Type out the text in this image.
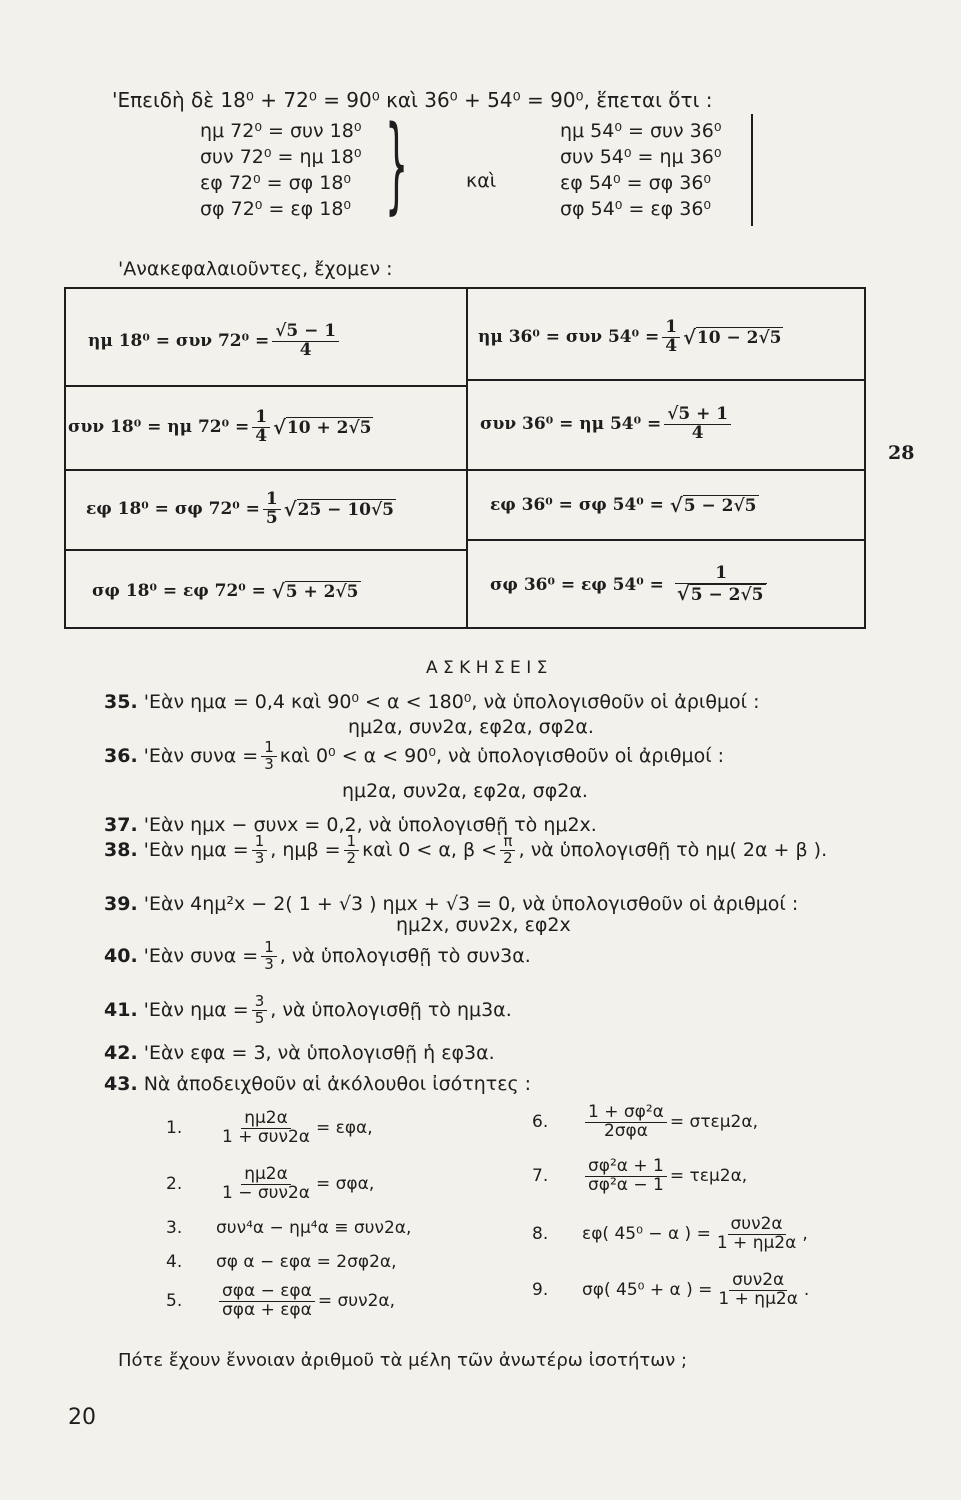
'Επειδὴ δὲ 18⁰ + 72⁰ = 90⁰ καὶ 36⁰ + 54⁰ = 90⁰, ἕπεται ὅτι :
ημ 72⁰ = συν 18⁰
συν 72⁰ = ημ 18⁰
εφ 72⁰ = σφ 18⁰
σφ 72⁰ = εφ 18⁰ }	καὶ
ημ 54⁰ = συν 36⁰
συν 54⁰ = ημ 36⁰
εφ 54⁰ = σφ 36⁰
σφ 54⁰ = εφ 36⁰
'Ανακεφαλαιοῦντες, ἔχομεν :
ημ 18⁰ = συν $72^0 = \frac{√5 - 1}{4}$	ημ 36⁰ = συν $54^0 = \frac{1}{4}$ √ 10 − 2√5
συν 18⁰ = ημ $72^0 = \frac{1}{4}$ √ 10 + 2√5	συν 36⁰ = ημ $54^0 = \frac{√5 + 1}{4}$
εφ 18⁰ = σφ $72^0 = \frac{1}{5}$ √ 25 − 10√5	εφ 36⁰ = σφ 54⁰ = √ 5 − 2√5
σφ 18⁰ = εφ 72⁰ = √ 5 + 2√5	σφ 36⁰ = εφ $54^0 = \frac{1}{√5 - 2√5}$
28
Α Σ Κ Η Σ Ε Ι Σ
35. 'Εὰν ημα = 0,4 καὶ 90⁰ < α < 180⁰, νὰ ὑπολογισθοῦν οἱ ἀριθμοί :
ημ2α, συν2α, εφ2α, σφ2α.
36. 'Εὰν $\sigma\upsilon\nu\alpha = \frac{1}{3}$ καὶ 0⁰ < α < 90⁰, νὰ ὑπολογισθοῦν οἱ ἀριθμοί :
ημ2α, συν2α, εφ2α, σφ2α.
37. 'Εὰν ημx − συνx = 0,2, νὰ ὑπολογισθῇ τὸ ημ2x.
38. 'Εὰν $\eta\mu\alpha = \frac{1}{3}$ , $\eta\mu\beta = \frac{1}{2}$ καὶ 0 < α, $\beta < \frac{\pi}{2}$ , νὰ ὑπολογισθῇ τὸ ημ( 2α + β ).
39. 'Εὰν 4ημ²x − 2( 1 + √3 ) ημx + √3 = 0, νὰ ὑπολογισθοῦν οἱ ἀριθμοί :
ημ2x, συν2x, εφ2x
40. 'Εὰν $\sigma\upsilon\nu\alpha = \frac{1}{3}$ , νὰ ὑπολογισθῇ τὸ συν3α.
41. 'Εὰν $\eta\mu\alpha = \frac{3}{5}$ , νὰ ὑπολογισθῇ τὸ ημ3α.
42. 'Εὰν εφα = 3, νὰ ὑπολογισθῇ ἡ εφ3α.
43. Νὰ ἀποδειχθοῦν αἱ ἀκόλουθοι ἰσότητες :
1.	$\frac{\eta\mu 2\alpha}{\text{1 + συν2α}} = \varepsilon\varphi\alpha$,
2.	$\frac{\eta\mu 2\alpha}{\text{1 − συν2α}} = \sigma\varphi\alpha$,
3.	συν⁴α − ημ⁴α ≡ συν2α,
4.	σφ α − εφα = 2σφ2α,
5.	$\frac{\text{σφα − εφα}}{\text{σφα + εφα}} = \sigma\upsilon\nu 2\alpha$,
6.	$\frac{\text{1 + σφ²α}}{\text{2σφα}} = \sigma\tau\varepsilon\mu 2\alpha$,
7.	$\frac{\text{σφ²α + 1}}{\text{σφ²α − 1}} = \tau\varepsilon\mu 2\alpha$,
8.	εφ( 45⁰ − α ) = $\frac{\text{συν2α}}{1 + \eta\mu 2\alpha}$ ,
9.	σφ( 45⁰ + α ) = $\frac{\text{συν2α}}{1 + \eta\mu 2\alpha}$ .
Πότε ἔχουν ἔννοιαν ἀριθμοῦ τὰ μέλη τῶν ἀνωτέρω ἰσοτήτων ;
20
